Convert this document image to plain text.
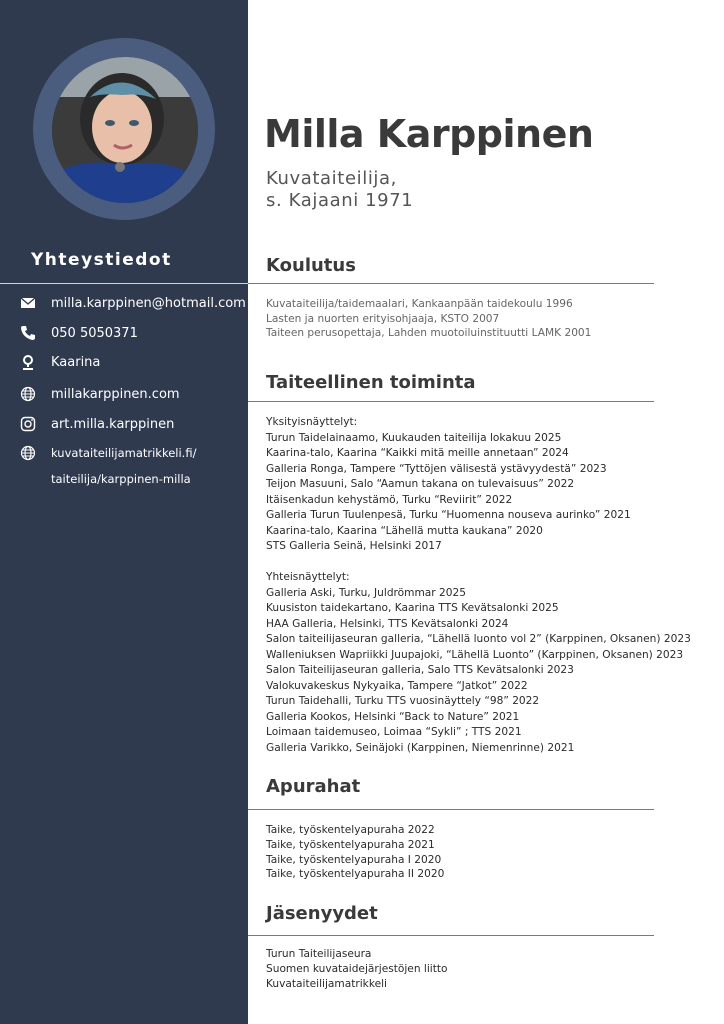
Yhteystiedot
milla.karppinen@hotmail.com
050 5050371
Kaarina
millakarppinen.com
art.milla.karppinen
kuvataiteilijamatrikkeli.fi/
taiteilija/karppinen-milla
Milla Karppinen
Kuvataiteilija,
s. Kajaani 1971
Koulutus
Kuvataiteilija/taidemaalari, Kankaanpään taidekoulu 1996
Lasten ja nuorten erityisohjaaja, KSTO 2007
Taiteen perusopettaja, Lahden muotoiluinstituutti LAMK 2001
Taiteellinen toiminta
Yksityisnäyttelyt:
Turun Taidelainaamo, Kuukauden taiteilija lokakuu 2025
Kaarina-talo, Kaarina “Kaikki mitä meille annetaan” 2024
Galleria Ronga, Tampere “Tyttöjen välisestä ystävyydestä” 2023
Teijon Masuuni, Salo “Aamun takana on tulevaisuus” 2022
Itäisenkadun kehystämö, Turku “Reviirit” 2022
Galleria Turun Tuulenpesä, Turku “Huomenna nouseva aurinko” 2021
Kaarina-talo, Kaarina “Lähellä mutta kaukana” 2020
STS Galleria Seinä, Helsinki 2017
Yhteisnäyttelyt:
Galleria Aski, Turku, Juldrömmar 2025
Kuusiston taidekartano, Kaarina TTS Kevätsalonki 2025
HAA Galleria, Helsinki, TTS Kevätsalonki 2024
Salon taiteilijaseuran galleria, “Lähellä luonto vol 2” (Karppinen, Oksanen) 2023
Walleniuksen Wapriikki Juupajoki, “Lähellä Luonto” (Karppinen, Oksanen) 2023
Salon Taiteilijaseuran galleria, Salo TTS Kevätsalonki 2023
Valokuvakeskus Nykyaika, Tampere “Jatkot” 2022
Turun Taidehalli, Turku TTS vuosinäyttely “98” 2022
Galleria Kookos, Helsinki “Back to Nature” 2021
Loimaan taidemuseo, Loimaa “Sykli” ; TTS 2021
Galleria Varikko, Seinäjoki (Karppinen, Niemenrinne) 2021
Apurahat
Taike, työskentelyapuraha 2022
Taike, työskentelyapuraha 2021
Taike, työskentelyapuraha I 2020
Taike, työskentelyapuraha II 2020
Jäsenyydet
Turun Taiteilijaseura
Suomen kuvataidejärjestöjen liitto
Kuvataiteilijamatrikkeli
